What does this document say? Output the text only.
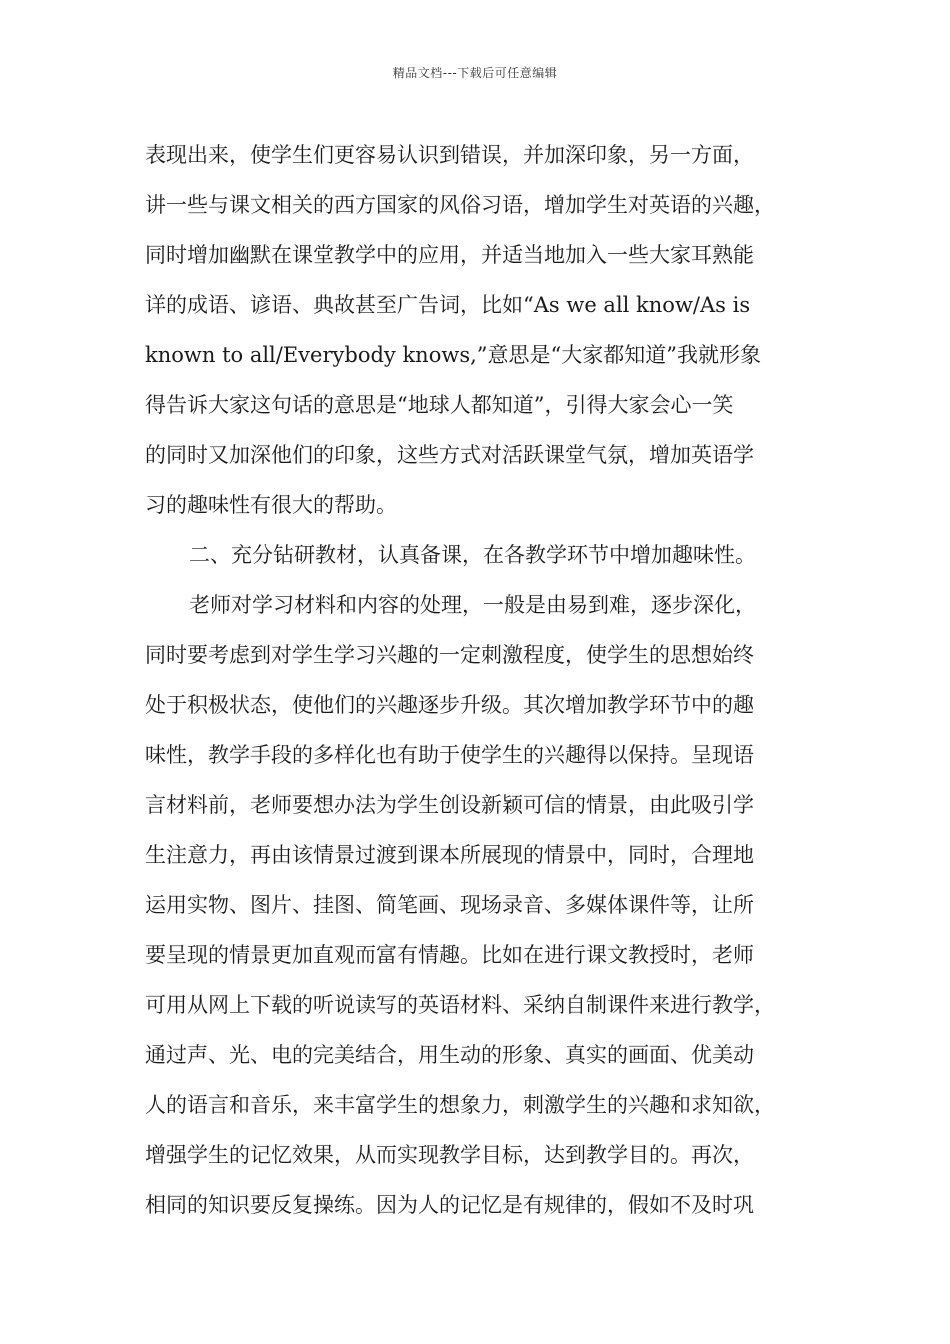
精品文档---下载后可任意编辑
表现出来，使学生们更容易认识到错误，并加深印象，另一方面，
讲一些与课文相关的西方国家的风俗习语，增加学生对英语的兴趣，
同时增加幽默在课堂教学中的应用，并适当地加入一些大家耳熟能
详的成语、谚语、典故甚至广告词，比如“As we all know/As is
known to all/Everybody knows,”意思是“大家都知道”我就形象
得告诉大家这句话的意思是“地球人都知道”，引得大家会心一笑
的同时又加深他们的印象，这些方式对活跃课堂气氛，增加英语学
习的趣味性有很大的帮助。
二、充分钻研教材，认真备课，在各教学环节中增加趣味性。
老师对学习材料和内容的处理，一般是由易到难，逐步深化，
同时要考虑到对学生学习兴趣的一定刺激程度，使学生的思想始终
处于积极状态，使他们的兴趣逐步升级。其次增加教学环节中的趣
味性，教学手段的多样化也有助于使学生的兴趣得以保持。呈现语
言材料前，老师要想办法为学生创设新颖可信的情景，由此吸引学
生注意力，再由该情景过渡到课本所展现的情景中，同时，合理地
运用实物、图片、挂图、简笔画、现场录音、多媒体课件等，让所
要呈现的情景更加直观而富有情趣。比如在进行课文教授时，老师
可用从网上下载的听说读写的英语材料、采纳自制课件来进行教学，
通过声、光、电的完美结合，用生动的形象、真实的画面、优美动
人的语言和音乐，来丰富学生的想象力，刺激学生的兴趣和求知欲，
增强学生的记忆效果，从而实现教学目标，达到教学目的。再次，
相同的知识要反复操练。因为人的记忆是有规律的，假如不及时巩
